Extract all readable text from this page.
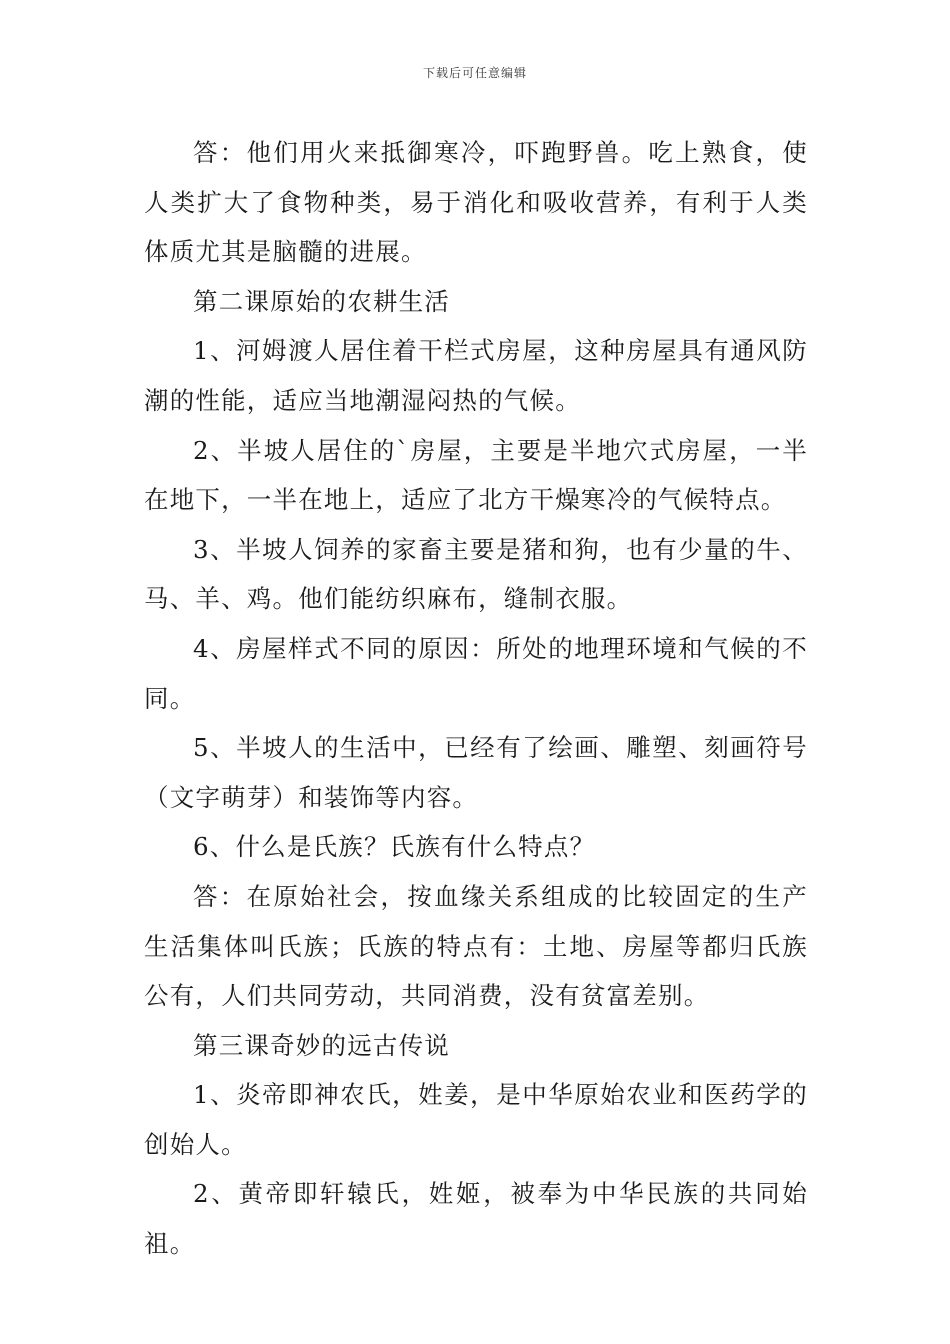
下载后可任意编辑

答：他们用火来抵御寒冷，吓跑野兽。吃上熟食，使人类扩大了食物种类，易于消化和吸收营养，有利于人类体质尤其是脑髓的进展。

第二课原始的农耕生活

1、河姆渡人居住着干栏式房屋，这种房屋具有通风防潮的性能，适应当地潮湿闷热的气候。

2、半坡人居住的`房屋，主要是半地穴式房屋，一半在地下，一半在地上，适应了北方干燥寒冷的气候特点。

3、半坡人饲养的家畜主要是猪和狗，也有少量的牛、马、羊、鸡。他们能纺织麻布，缝制衣服。

4、房屋样式不同的原因：所处的地理环境和气候的不同。

5、半坡人的生活中，已经有了绘画、雕塑、刻画符号（文字萌芽）和装饰等内容。

6、什么是氏族？氏族有什么特点？

答：在原始社会，按血缘关系组成的比较固定的生产生活集体叫氏族；氏族的特点有：土地、房屋等都归氏族公有，人们共同劳动，共同消费，没有贫富差别。

第三课奇妙的远古传说

1、炎帝即神农氏，姓姜，是中华原始农业和医药学的创始人。

2、黄帝即轩辕氏，姓姬，被奉为中华民族的共同始祖。
